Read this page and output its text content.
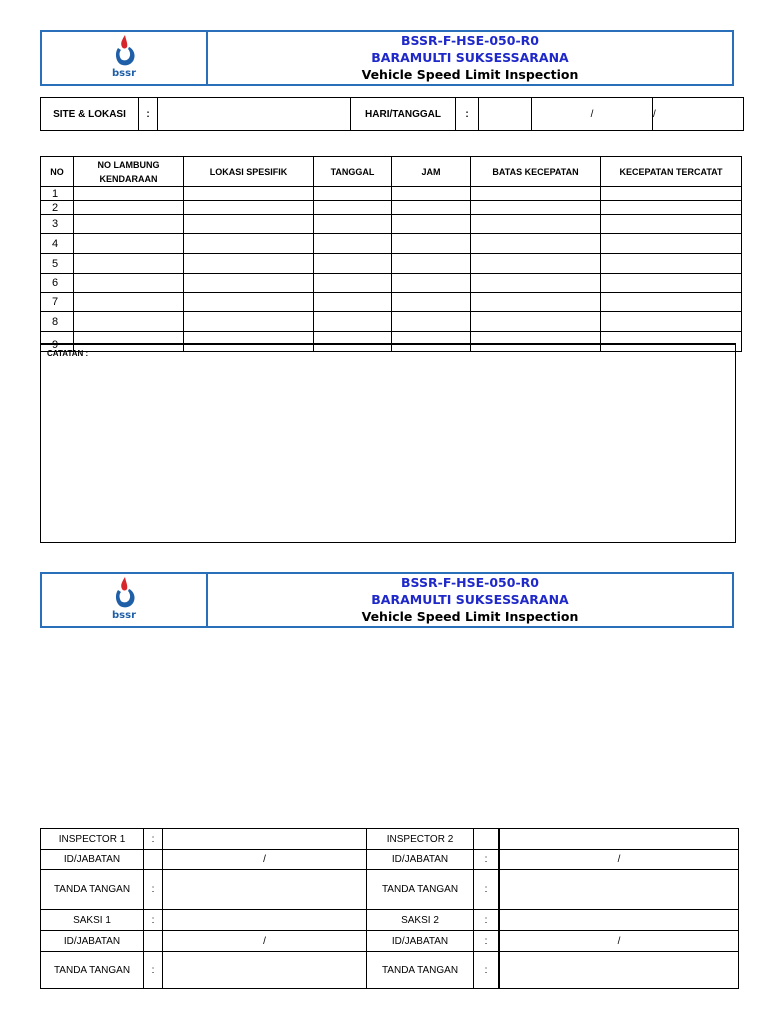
bssr
BSSR-F-HSE-050-R0
BARAMULTI SUKSESSARANA
Vehicle Speed Limit Inspection
SITE & LOKASI	:		HARI/TANGGAL	:		/	/
NO	NO LAMBUNG KENDARAAN	LOKASI SPESIFIK	TANGGAL	JAM	BATAS KECEPATAN	KECEPATAN TERCATAT
1						
2						
3						
4						
5						
6						
7						
8						
9						
CATATAN :
bssr
BSSR-F-HSE-050-R0
BARAMULTI SUKSESSARANA
Vehicle Speed Limit Inspection
INSPECTOR 1	:		INSPECTOR 2		
ID/JABATAN		/	ID/JABATAN	:	/
TANDA TANGAN	:		TANDA TANGAN	:	
SAKSI 1	:		SAKSI 2	:	
ID/JABATAN		/	ID/JABATAN	:	/
TANDA TANGAN	:		TANDA TANGAN	:	
